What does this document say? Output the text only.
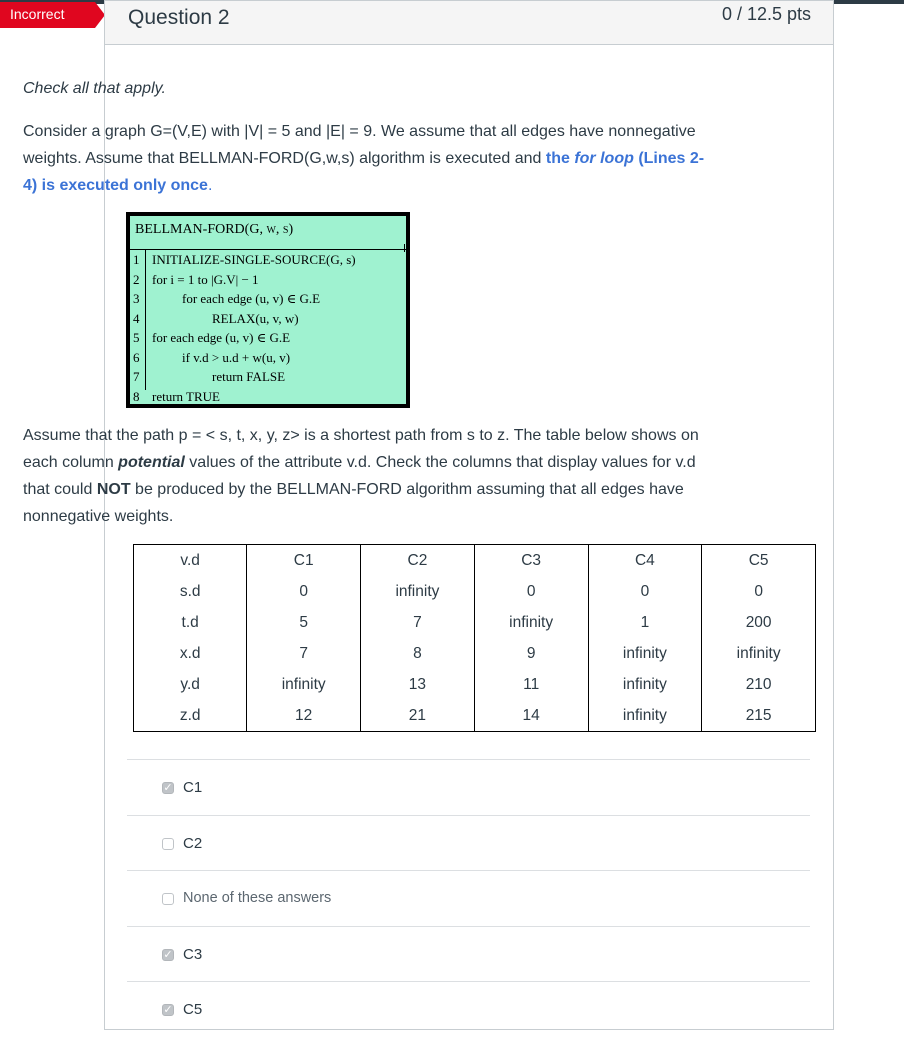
Incorrect	Question 2	0 / 12.5 pts
Check all that apply.

Consider a graph G=(V,E) with |V| = 5 and |E| = 9. We assume that all edges have nonnegative weights. Assume that BELLMAN-FORD(G,w,s) algorithm is executed and the for loop (Lines 2-4) is executed only once.

BELLMAN-FORD(G, w, s)
1 INITIALIZE-SINGLE-SOURCE(G, s)
2 for i = 1 to |G.V| − 1
3	for each edge (u, v) ∈ G.E
4	RELAX(u, v, w)
5 for each edge (u, v) ∈ G.E
6	if v.d > u.d + w(u, v)
7	return FALSE
8 return TRUE

Assume that the path p = < s, t, x, y, z> is a shortest path from s to z. The table below shows on each column potential values of the attribute v.d. Check the columns that display values for v.d that could NOT be produced by the BELLMAN-FORD algorithm assuming that all edges have nonnegative weights.

v.d	C1	C2	C3	C4	C5
s.d	0	infinity	0	0	0
t.d	5	7	infinity	1	200
x.d	7	8	9	infinity	infinity
y.d	infinity	13	11	infinity	210
z.d	12	21	14	infinity	215
✓ C1
C2
None of these answers
✓ C3
✓ C5
